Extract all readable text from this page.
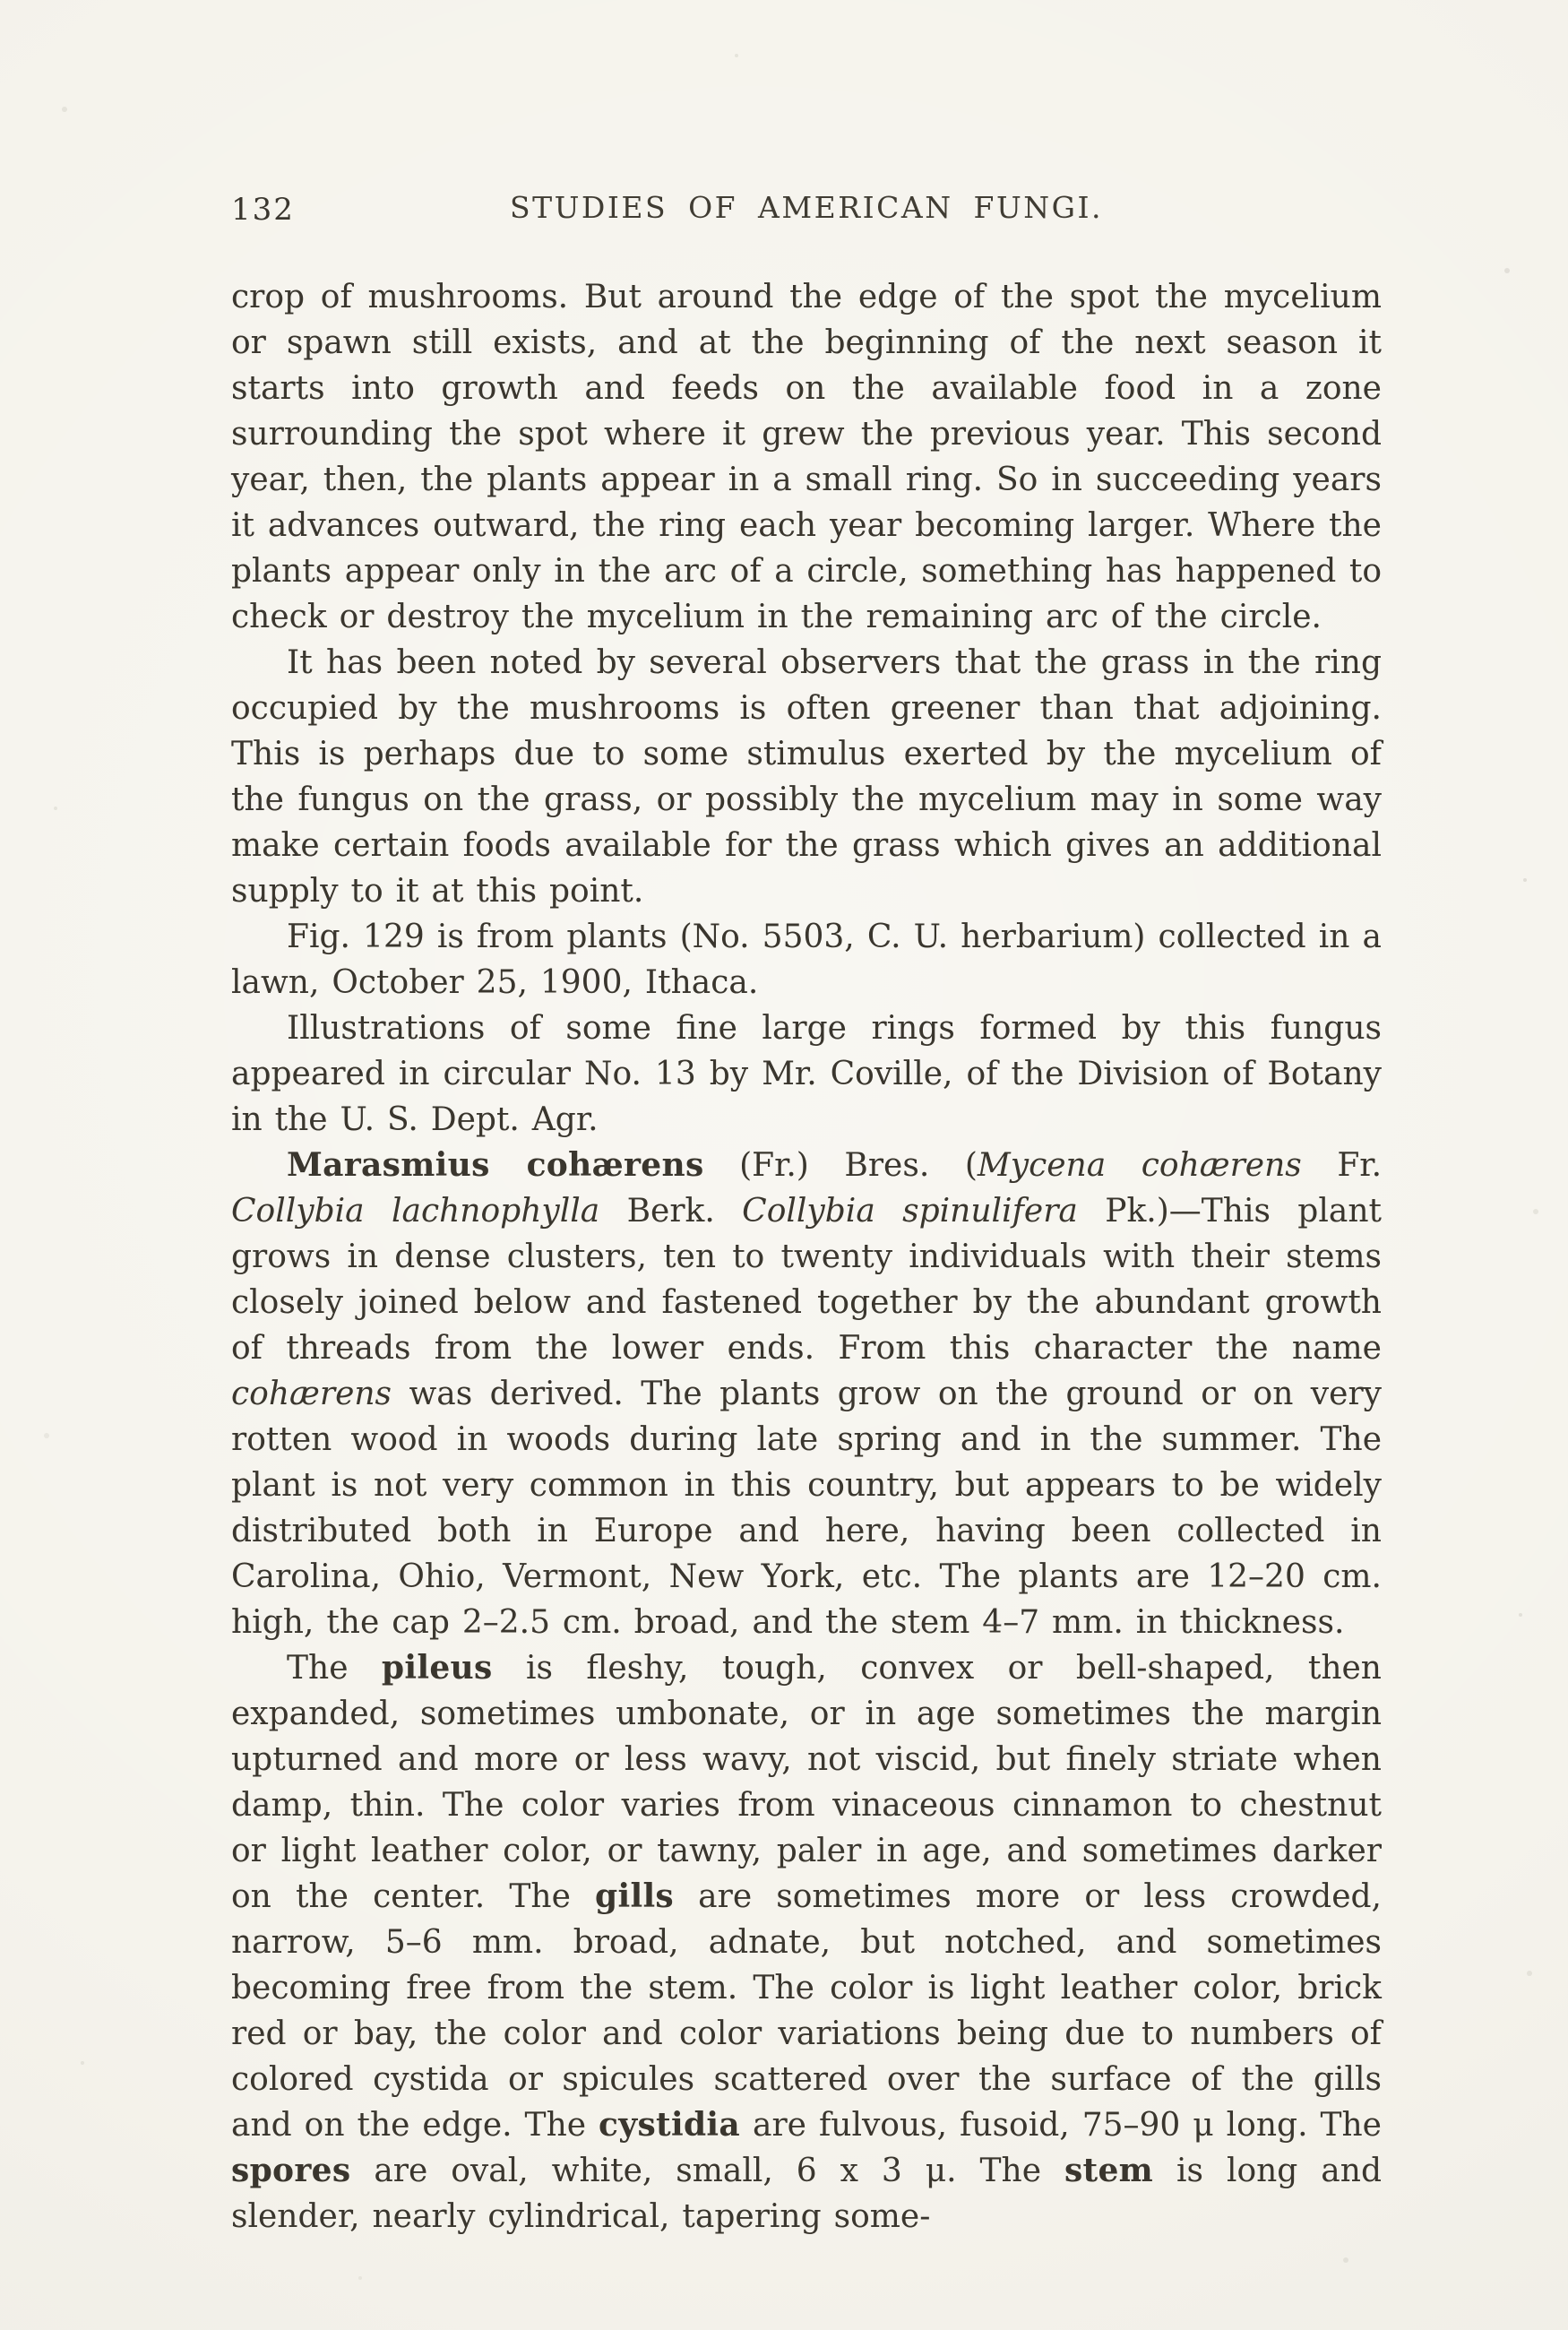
132	STUDIES OF AMERICAN FUNGI.

crop of mushrooms. But around the edge of the spot the mycelium or spawn still exists, and at the beginning of the next season it starts into growth and feeds on the available food in a zone surrounding the spot where it grew the previous year. This second year, then, the plants appear in a small ring. So in succeeding years it advances outward, the ring each year becoming larger. Where the plants appear only in the arc of a circle, something has happened to check or destroy the mycelium in the remaining arc of the circle.

It has been noted by several observers that the grass in the ring occupied by the mushrooms is often greener than that adjoining. This is perhaps due to some stimulus exerted by the mycelium of the fungus on the grass, or possibly the mycelium may in some way make certain foods available for the grass which gives an additional supply to it at this point.

Fig. 129 is from plants (No. 5503, C. U. herbarium) collected in a lawn, October 25, 1900, Ithaca.

Illustrations of some fine large rings formed by this fungus appeared in circular No. 13 by Mr. Coville, of the Division of Botany in the U. S. Dept. Agr.

Marasmius cohærens (Fr.) Bres. (Mycena cohærens Fr. Collybia lachnophylla Berk. Collybia spinulifera Pk.)—This plant grows in dense clusters, ten to twenty individuals with their stems closely joined below and fastened together by the abundant growth of threads from the lower ends. From this character the name cohærens was derived. The plants grow on the ground or on very rotten wood in woods during late spring and in the summer. The plant is not very common in this country, but appears to be widely distributed both in Europe and here, having been collected in Carolina, Ohio, Vermont, New York, etc. The plants are 12–20 cm. high, the cap 2–2.5 cm. broad, and the stem 4–7 mm. in thickness.

The pileus is fleshy, tough, convex or bell-shaped, then expanded, sometimes umbonate, or in age sometimes the margin upturned and more or less wavy, not viscid, but finely striate when damp, thin. The color varies from vinaceous cinnamon to chestnut or light leather color, or tawny, paler in age, and sometimes darker on the center. The gills are sometimes more or less crowded, narrow, 5–6 mm. broad, adnate, but notched, and sometimes becoming free from the stem. The color is light leather color, brick red or bay, the color and color variations being due to numbers of colored cystida or spicules scattered over the surface of the gills and on the edge. The cystidia are fulvous, fusoid, 75–90 μ long. The spores are oval, white, small, 6 x 3 μ. The stem is long and slender, nearly cylindrical, tapering some-
